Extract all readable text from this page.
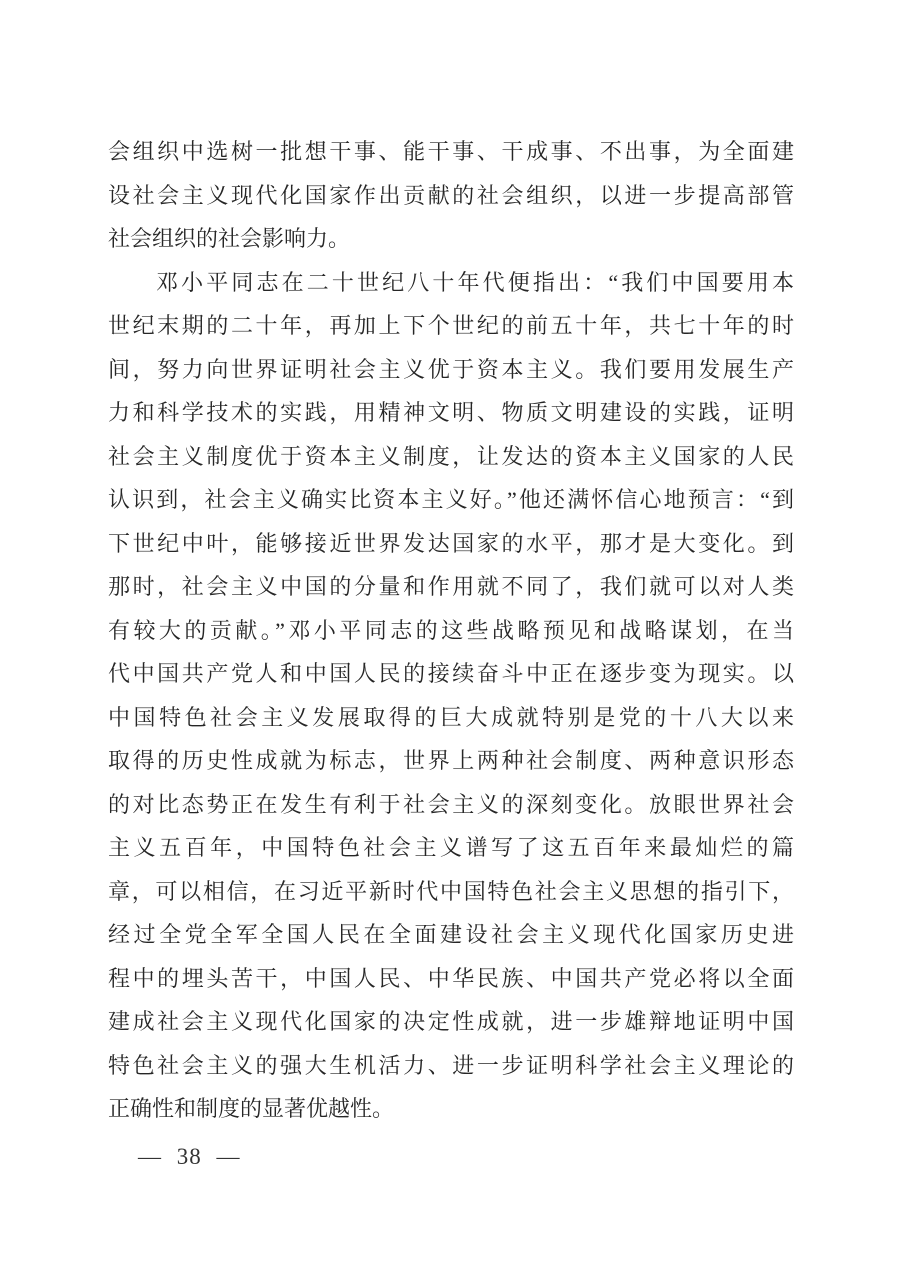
会组织中选树一批想干事、能干事、干成事、不出事，为全面建
设社会主义现代化国家作出贡献的社会组织，以进一步提高部管
社会组织的社会影响力。
邓小平同志在二十世纪八十年代便指出：“我们中国要用本
世纪末期的二十年，再加上下个世纪的前五十年，共七十年的时
间，努力向世界证明社会主义优于资本主义。我们要用发展生产
力和科学技术的实践，用精神文明、物质文明建设的实践，证明
社会主义制度优于资本主义制度，让发达的资本主义国家的人民
认识到，社会主义确实比资本主义好。”他还满怀信心地预言：“到
下世纪中叶，能够接近世界发达国家的水平，那才是大变化。到
那时，社会主义中国的分量和作用就不同了，我们就可以对人类
有较大的贡献。”邓小平同志的这些战略预见和战略谋划，在当
代中国共产党人和中国人民的接续奋斗中正在逐步变为现实。以
中国特色社会主义发展取得的巨大成就特别是党的十八大以来
取得的历史性成就为标志，世界上两种社会制度、两种意识形态
的对比态势正在发生有利于社会主义的深刻变化。放眼世界社会
主义五百年，中国特色社会主义谱写了这五百年来最灿烂的篇
章，可以相信，在习近平新时代中国特色社会主义思想的指引下，
经过全党全军全国人民在全面建设社会主义现代化国家历史进
程中的埋头苦干，中国人民、中华民族、中国共产党必将以全面
建成社会主义现代化国家的决定性成就，进一步雄辩地证明中国
特色社会主义的强大生机活力、进一步证明科学社会主义理论的
正确性和制度的显著优越性。
— 38 —
